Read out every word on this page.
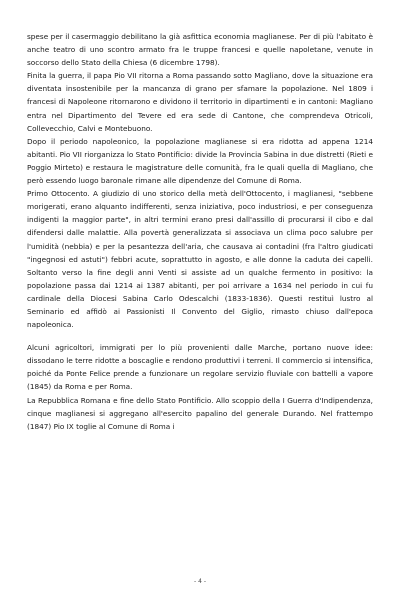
spese per il casermaggio debilitano la già asfittica economia maglianese. Per di più l'abitato è anche teatro di uno scontro armato fra le truppe francesi e quelle napoletane, venute in soccorso dello Stato della Chiesa (6 dicembre 1798).

Finita la guerra, il papa Pio VII ritorna a Roma passando sotto Magliano, dove la situazione era diventata insostenibile per la mancanza di grano per sfamare la popolazione. Nel 1809 i francesi di Napoleone ritornarono e dividono il territorio in dipartimenti e in cantoni: Magliano entra nel Dipartimento del Tevere ed era sede di Cantone, che comprendeva Otricoli, Collevecchio, Calvi e Montebuono.

Dopo il periodo napoleonico, la popolazione maglianese si era ridotta ad appena 1214 abitanti. Pio VII riorganizza lo Stato Pontificio: divide la Provincia Sabina in due distretti (Rieti e Poggio Mirteto) e restaura le magistrature delle comunità, fra le quali quella di Magliano, che però essendo luogo baronale rimane alle dipendenze del Comune di Roma.

Primo Ottocento. A giudizio di uno storico della metà dell'Ottocento, i maglianesi, "sebbene morigerati, erano alquanto indifferenti, senza iniziativa, poco industriosi, e per conseguenza indigenti la maggior parte", in altri termini erano presi dall'assillo di procurarsi il cibo e dal difendersi dalle malattie. Alla povertà generalizzata si associava un clima poco salubre per l'umidità (nebbia) e per la pesantezza dell'aria, che causava ai contadini (fra l'altro giudicati "ingegnosi ed astuti") febbri acute, soprattutto in agosto, e alle donne la caduta dei capelli. Soltanto verso la fine degli anni Venti si assiste ad un qualche fermento in positivo: la popolazione passa dai 1214 ai 1387 abitanti, per poi arrivare a 1634 nel periodo in cui fu cardinale della Diocesi Sabina Carlo Odescalchi (1833-1836). Questi restituì lustro al Seminario ed affidò ai Passionisti Il Convento del Giglio, rimasto chiuso dall'epoca napoleonica.

Alcuni agricoltori, immigrati per lo più provenienti dalle Marche, portano nuove idee: dissodano le terre ridotte a boscaglie e rendono produttivi i terreni. Il commercio si intensifica, poiché da Ponte Felice prende a funzionare un regolare servizio fluviale con battelli a vapore (1845) da Roma e per Roma.

La Repubblica Romana e fine dello Stato Pontificio. Allo scoppio della I Guerra d'Indipendenza, cinque maglianesi si aggregano all'esercito papalino del generale Durando. Nel frattempo (1847) Pio IX toglie al Comune di Roma i

- 4 -
